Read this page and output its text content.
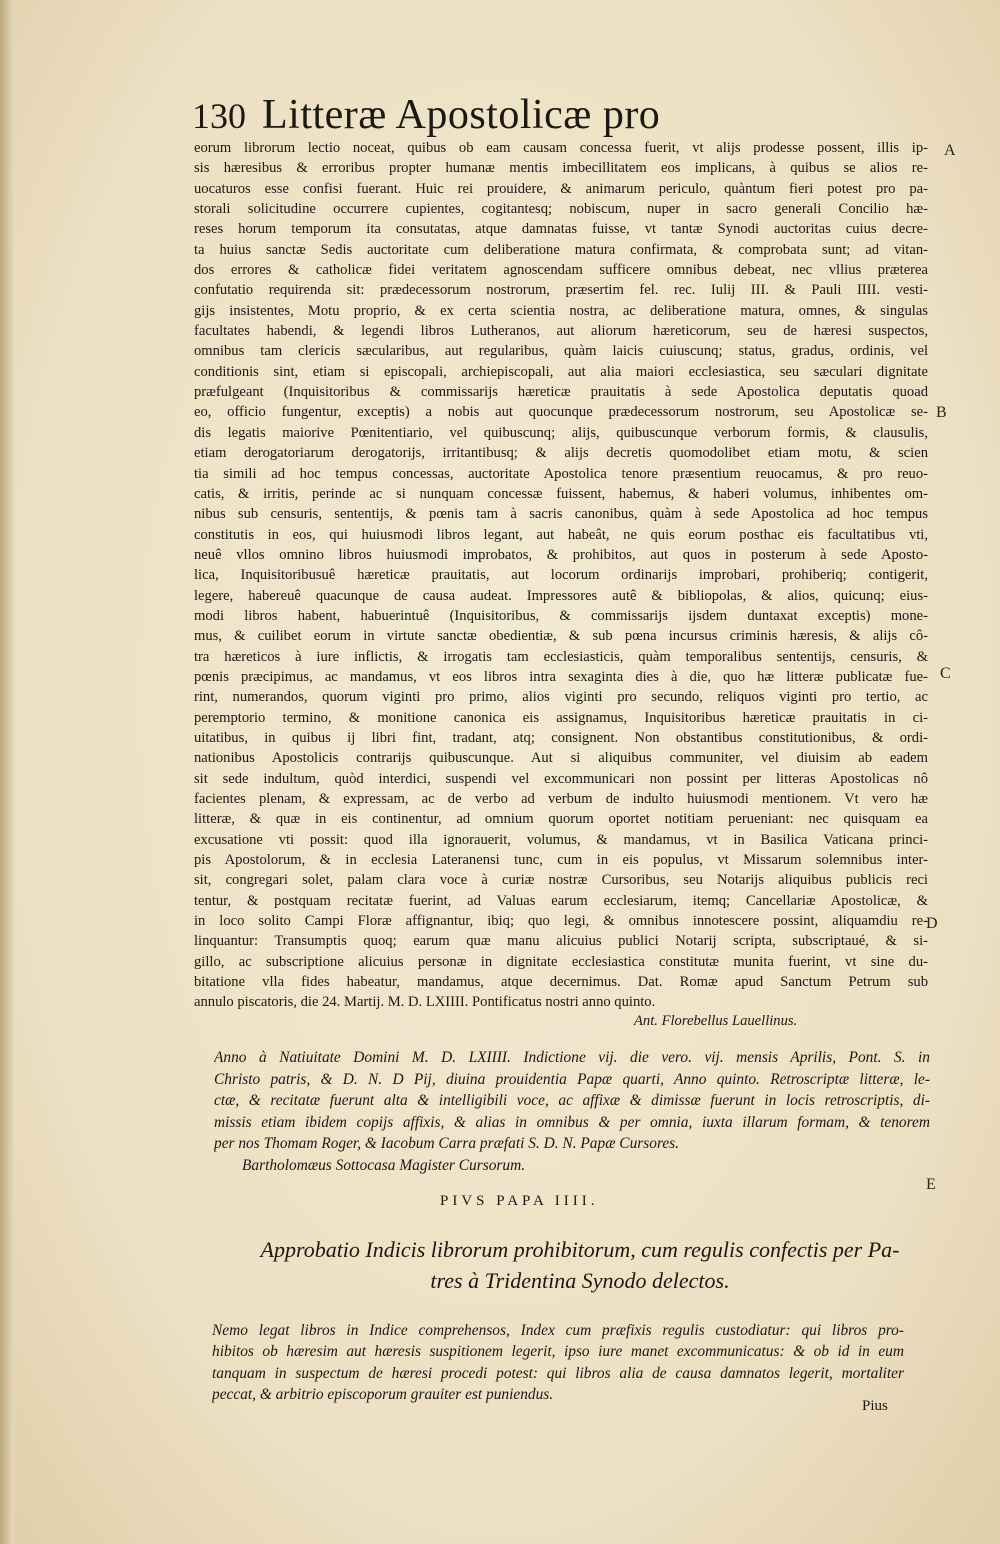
130 Litteræ Apostolicæ pro
eorum librorum lectio noceat, quibus ob eam causam concessa fuerit, vt alijs prodesse possent, illis ip-
sis hæresibus & erroribus propter humanæ mentis imbecillitatem eos implicans, à quibus se alios re-
uocaturos esse confisi fuerant. Huic rei prouidere, & animarum periculo, quàntum fieri potest pro pa-
storali solicitudine occurrere cupientes, cogitantesq; nobiscum, nuper in sacro generali Concilio hæ-
reses horum temporum ita consutatas, atque damnatas fuisse, vt tantæ Synodi auctoritas cuius decre-
ta huius sanctæ Sedis auctoritate cum deliberatione matura confirmata, & comprobata sunt; ad vitan-
dos errores & catholicæ fidei veritatem agnoscendam sufficere omnibus debeat, nec vllius præterea
confutatio requirenda sit: prædecessorum nostrorum, præsertim fel. rec. Iulij III. & Pauli IIII. vesti-
gijs insistentes, Motu proprio, & ex certa scientia nostra, ac deliberatione matura, omnes, & singulas
facultates habendi, & legendi libros Lutheranos, aut aliorum hæreticorum, seu de hæresi suspectos,
omnibus tam clericis sæcularibus, aut regularibus, quàm laicis cuiuscunq; status, gradus, ordinis, vel
conditionis sint, etiam si episcopali, archiepiscopali, aut alia maiori ecclesiastica, seu sæculari dignitate
præfulgeant (Inquisitoribus & commissarijs hæreticæ prauitatis à sede Apostolica deputatis quoad
eo, officio fungentur, exceptis) a nobis aut quocunque prædecessorum nostrorum, seu Apostolicæ se-
dis legatis maiorive Pœnitentiario, vel quibuscunq; alijs, quibuscunque verborum formis, & clausulis,
etiam derogatoriarum derogatorijs, irritantibusq; & alijs decretis quomodolibet etiam motu, & scien
tia simili ad hoc tempus concessas, auctoritate Apostolica tenore præsentium reuocamus, & pro reuo-
catis, & irritis, perinde ac si nunquam concessæ fuissent, habemus, & haberi volumus, inhibentes om-
nibus sub censuris, sententijs, & pœnis tam à sacris canonibus, quàm à sede Apostolica ad hoc tempus
constitutis in eos, qui huiusmodi libros legant, aut habeât, ne quis eorum posthac eis facultatibus vti,
neuê vllos omnino libros huiusmodi improbatos, & prohibitos, aut quos in posterum à sede Aposto-
lica, Inquisitoribusuê hæreticæ prauitatis, aut locorum ordinarijs improbari, prohiberiq; contigerit,
legere, habereuê quacunque de causa audeat. Impressores autê & bibliopolas, & alios, quicunq; eius-
modi libros habent, habuerintuê (Inquisitoribus, & commissarijs ijsdem duntaxat exceptis) mone-
mus, & cuilibet eorum in virtute sanctæ obedientiæ, & sub pœna incursus criminis hæresis, & alijs cô-
tra hæreticos à iure inflictis, & irrogatis tam ecclesiasticis, quàm temporalibus sententijs, censuris, &
pœnis præcipimus, ac mandamus, vt eos libros intra sexaginta dies à die, quo hæ litteræ publicatæ fue-
rint, numerandos, quorum viginti pro primo, alios viginti pro secundo, reliquos viginti pro tertio, ac
peremptorio termino, & monitione canonica eis assignamus, Inquisitoribus hæreticæ prauitatis in ci-
uitatibus, in quibus ij libri fint, tradant, atq; consignent. Non obstantibus constitutionibus, & ordi-
nationibus Apostolicis contrarijs quibuscunque. Aut si aliquibus communiter, vel diuisim ab eadem
sit sede indultum, quòd interdici, suspendi vel excommunicari non possint per litteras Apostolicas nô
facientes plenam, & expressam, ac de verbo ad verbum de indulto huiusmodi mentionem. Vt vero hæ
litteræ, & quæ in eis continentur, ad omnium quorum oportet notitiam perueniant: nec quisquam ea
excusatione vti possit: quod illa ignorauerit, volumus, & mandamus, vt in Basilica Vaticana princi-
pis Apostolorum, & in ecclesia Lateranensi tunc, cum in eis populus, vt Missarum solemnibus inter-
sit, congregari solet, palam clara voce à curiæ nostræ Cursoribus, seu Notarijs aliquibus publicis reci
tentur, & postquam recitatæ fuerint, ad Valuas earum ecclesiarum, itemq; Cancellariæ Apostolicæ, &
in loco solito Campi Floræ affignantur, ibiq; quo legi, & omnibus innotescere possint, aliquamdiu re-
linquantur: Transumptis quoq; earum quæ manu alicuius publici Notarij scripta, subscriptaué, & si-
gillo, ac subscriptione alicuius personæ in dignitate ecclesiastica constitutæ munita fuerint, vt sine du-
bitatione vlla fides habeatur, mandamus, atque decernimus. Dat. Romæ apud Sanctum Petrum sub
annulo piscatoris, die 24. Martij. M. D. LXIIII. Pontificatus nostri anno quinto.
Ant. Florebellus Lauellinus.
Anno à Natiuitate Domini M. D. LXIIII. Indictione vij. die vero. vij. mensis Aprilis, Pont. S. in
Christo patris, & D. N. D Pij, diuina prouidentia Papæ quarti, Anno quinto. Retroscriptæ litteræ, le-
ctæ, & recitatæ fuerunt alta & intelligibili voce, ac affixæ & dimissæ fuerunt in locis retroscriptis, di-
missis etiam ibidem copijs affixis, & alias in omnibus & per omnia, iuxta illarum formam, & tenorem
per nos Thomam Roger, & Iacobum Carra præfati S. D. N. Papæ Cursores.
Bartholomæus Sottocasa Magister Cursorum.
A
B
C
D
E
PIVS PAPA IIII.
Approbatio Indicis librorum prohibitorum, cum regulis confectis per Pa-
tres à Tridentina Synodo delectos.
Nemo legat libros in Indice comprehensos, Index cum præfixis regulis custodiatur: qui libros pro-
hibitos ob hæresim aut hæresis suspitionem legerit, ipso iure manet excommunicatus: & ob id in eum
tanquam in suspectum de hæresi procedi potest: qui libros alia de causa damnatos legerit, mortaliter
peccat, & arbitrio episcoporum grauiter est puniendus.
Pius
